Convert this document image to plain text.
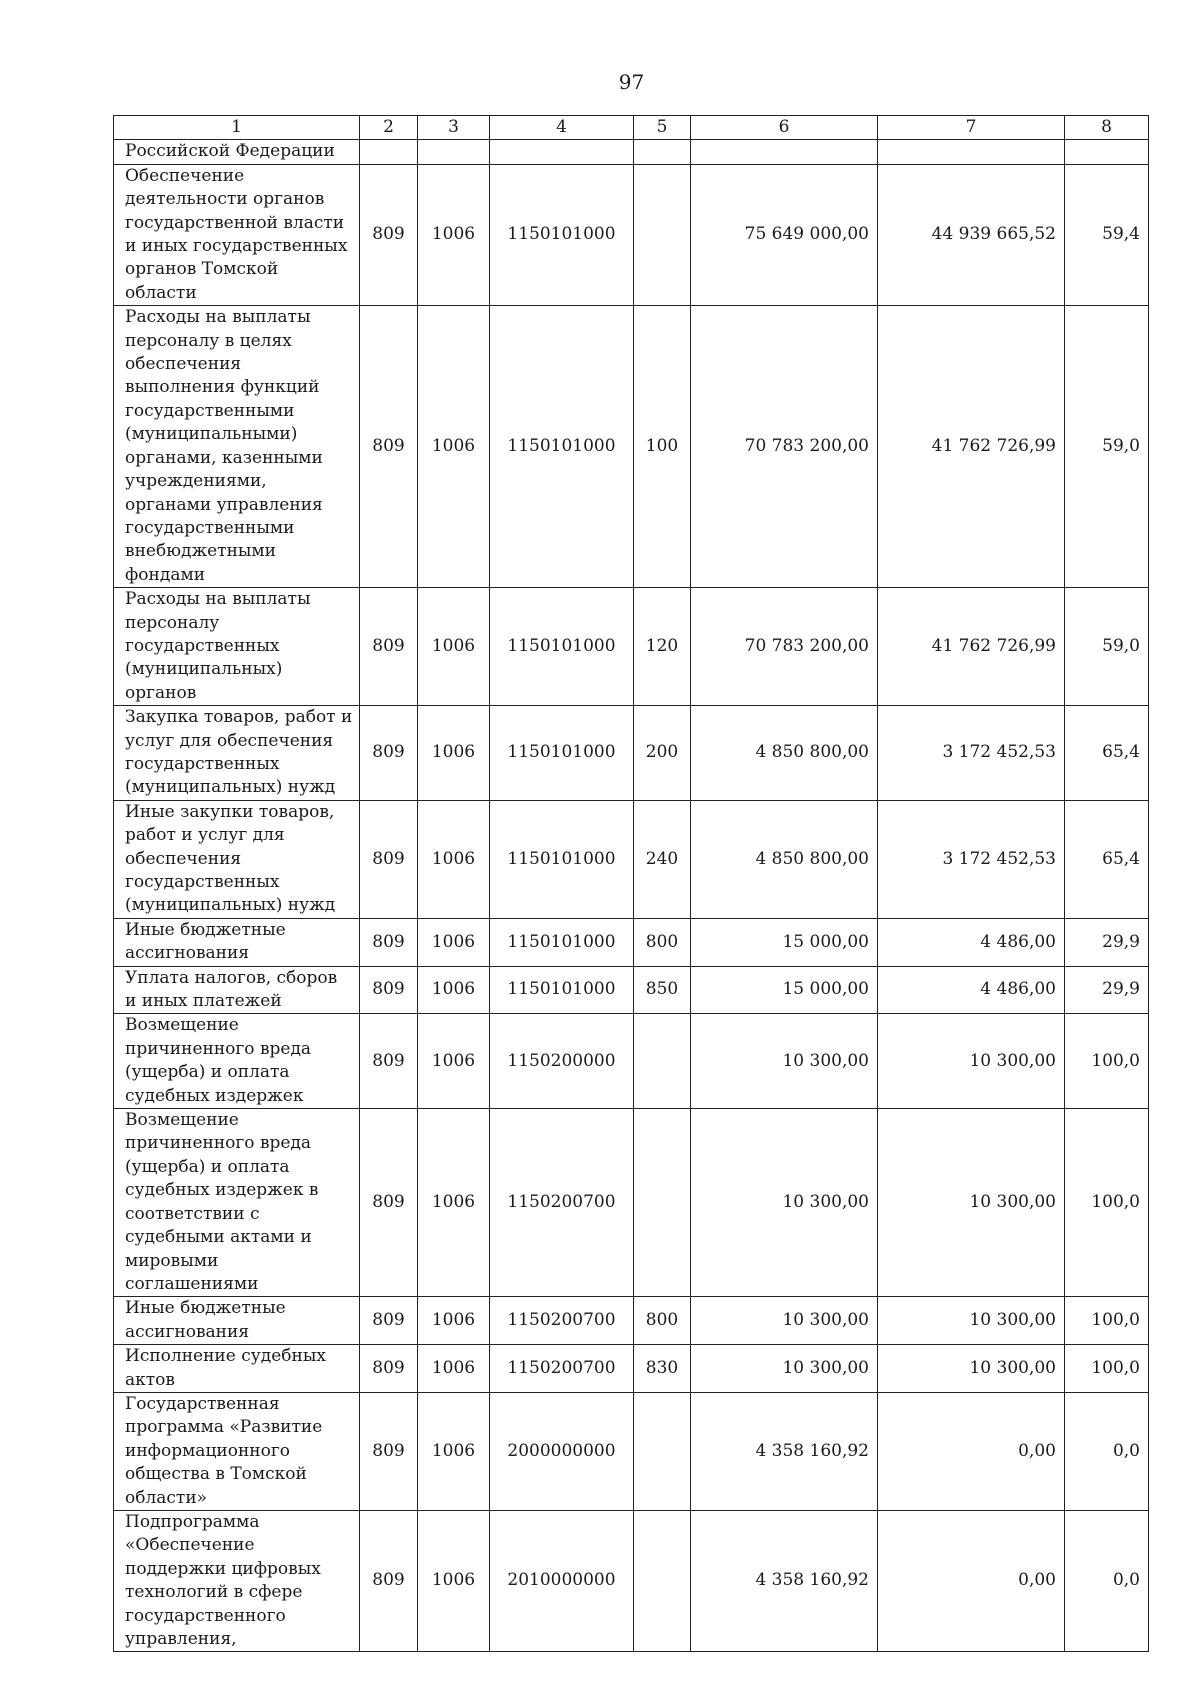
97
1	2	3	4	5	6	7	8
Российской Федерации							
Обеспечение деятельности органов государственной власти и иных государственных органов Томской области	809	1006	1150101000		75 649 000,00	44 939 665,52	59,4
Расходы на выплаты персоналу в целях обеспечения выполнения функций государственными (муниципальными) органами, казенными учреждениями, органами управления государственными внебюджетными фондами	809	1006	1150101000	100	70 783 200,00	41 762 726,99	59,0
Расходы на выплаты персоналу государственных (муниципальных) органов	809	1006	1150101000	120	70 783 200,00	41 762 726,99	59,0
Закупка товаров, работ и услуг для обеспечения государственных (муниципальных) нужд	809	1006	1150101000	200	4 850 800,00	3 172 452,53	65,4
Иные закупки товаров, работ и услуг для обеспечения государственных (муниципальных) нужд	809	1006	1150101000	240	4 850 800,00	3 172 452,53	65,4
Иные бюджетные ассигнования	809	1006	1150101000	800	15 000,00	4 486,00	29,9
Уплата налогов, сборов и иных платежей	809	1006	1150101000	850	15 000,00	4 486,00	29,9
Возмещение причиненного вреда (ущерба) и оплата судебных издержек	809	1006	1150200000		10 300,00	10 300,00	100,0
Возмещение причиненного вреда (ущерба) и оплата судебных издержек в соответствии с судебными актами и мировыми соглашениями	809	1006	1150200700		10 300,00	10 300,00	100,0
Иные бюджетные ассигнования	809	1006	1150200700	800	10 300,00	10 300,00	100,0
Исполнение судебных актов	809	1006	1150200700	830	10 300,00	10 300,00	100,0
Государственная программа «Развитие информационного общества в Томской области»	809	1006	2000000000		4 358 160,92	0,00	0,0
Подпрограмма «Обеспечение поддержки цифровых технологий в сфере государственного управления,	809	1006	2010000000		4 358 160,92	0,00	0,0
